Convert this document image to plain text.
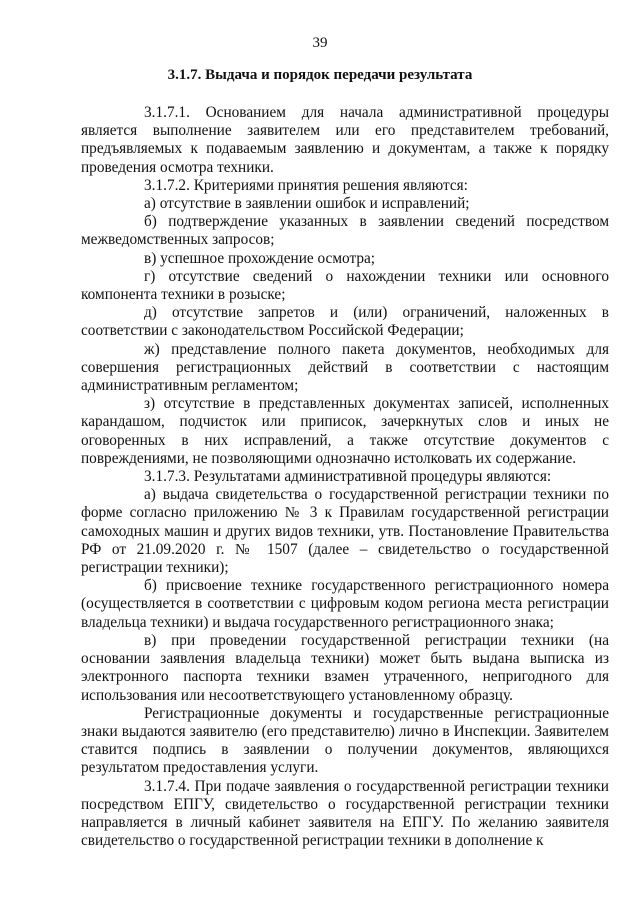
39
3.1.7. Выдача и порядок передачи результата

3.1.7.1. Основанием для начала административной процедуры является выполнение заявителем или его представителем требований, предъявляемых к подаваемым заявлению и документам, а также к порядку проведения осмотра техники.

3.1.7.2. Критериями принятия решения являются:

а) отсутствие в заявлении ошибок и исправлений;

б) подтверждение указанных в заявлении сведений посредством межведомственных запросов;

в) успешное прохождение осмотра;

г) отсутствие сведений о нахождении техники или основного компонента техники в розыске;

д) отсутствие запретов и (или) ограничений, наложенных в соответствии с законодательством Российской Федерации;

ж) представление полного пакета документов, необходимых для совершения регистрационных действий в соответствии с настоящим административным регламентом;

з) отсутствие в представленных документах записей, исполненных карандашом, подчисток или приписок, зачеркнутых слов и иных не оговоренных в них исправлений, а также отсутствие документов с повреждениями, не позволяющими однозначно истолковать их содержание.

3.1.7.3. Результатами административной процедуры являются:

а) выдача свидетельства о государственной регистрации техники по форме согласно приложению № 3 к Правилам государственной регистрации самоходных машин и других видов техники, утв. Постановление Правительства РФ от 21.09.2020 г. № 1507 (далее – свидетельство о государственной регистрации техники);

б) присвоение технике государственного регистрационного номера (осуществляется в соответствии с цифровым кодом региона места регистрации владельца техники) и выдача государственного регистрационного знака;

в) при проведении государственной регистрации техники (на основании заявления владельца техники) может быть выдана выписка из электронного паспорта техники взамен утраченного, непригодного для использования или несоответствующего установленному образцу.

Регистрационные документы и государственные регистрационные знаки выдаются заявителю (его представителю) лично в Инспекции. Заявителем ставится подпись в заявлении о получении документов, являющихся результатом предоставления услуги.

3.1.7.4. При подаче заявления о государственной регистрации техники посредством ЕПГУ, свидетельство о государственной регистрации техники направляется в личный кабинет заявителя на ЕПГУ. По желанию заявителя свидетельство о государственной регистрации техники в дополнение к
